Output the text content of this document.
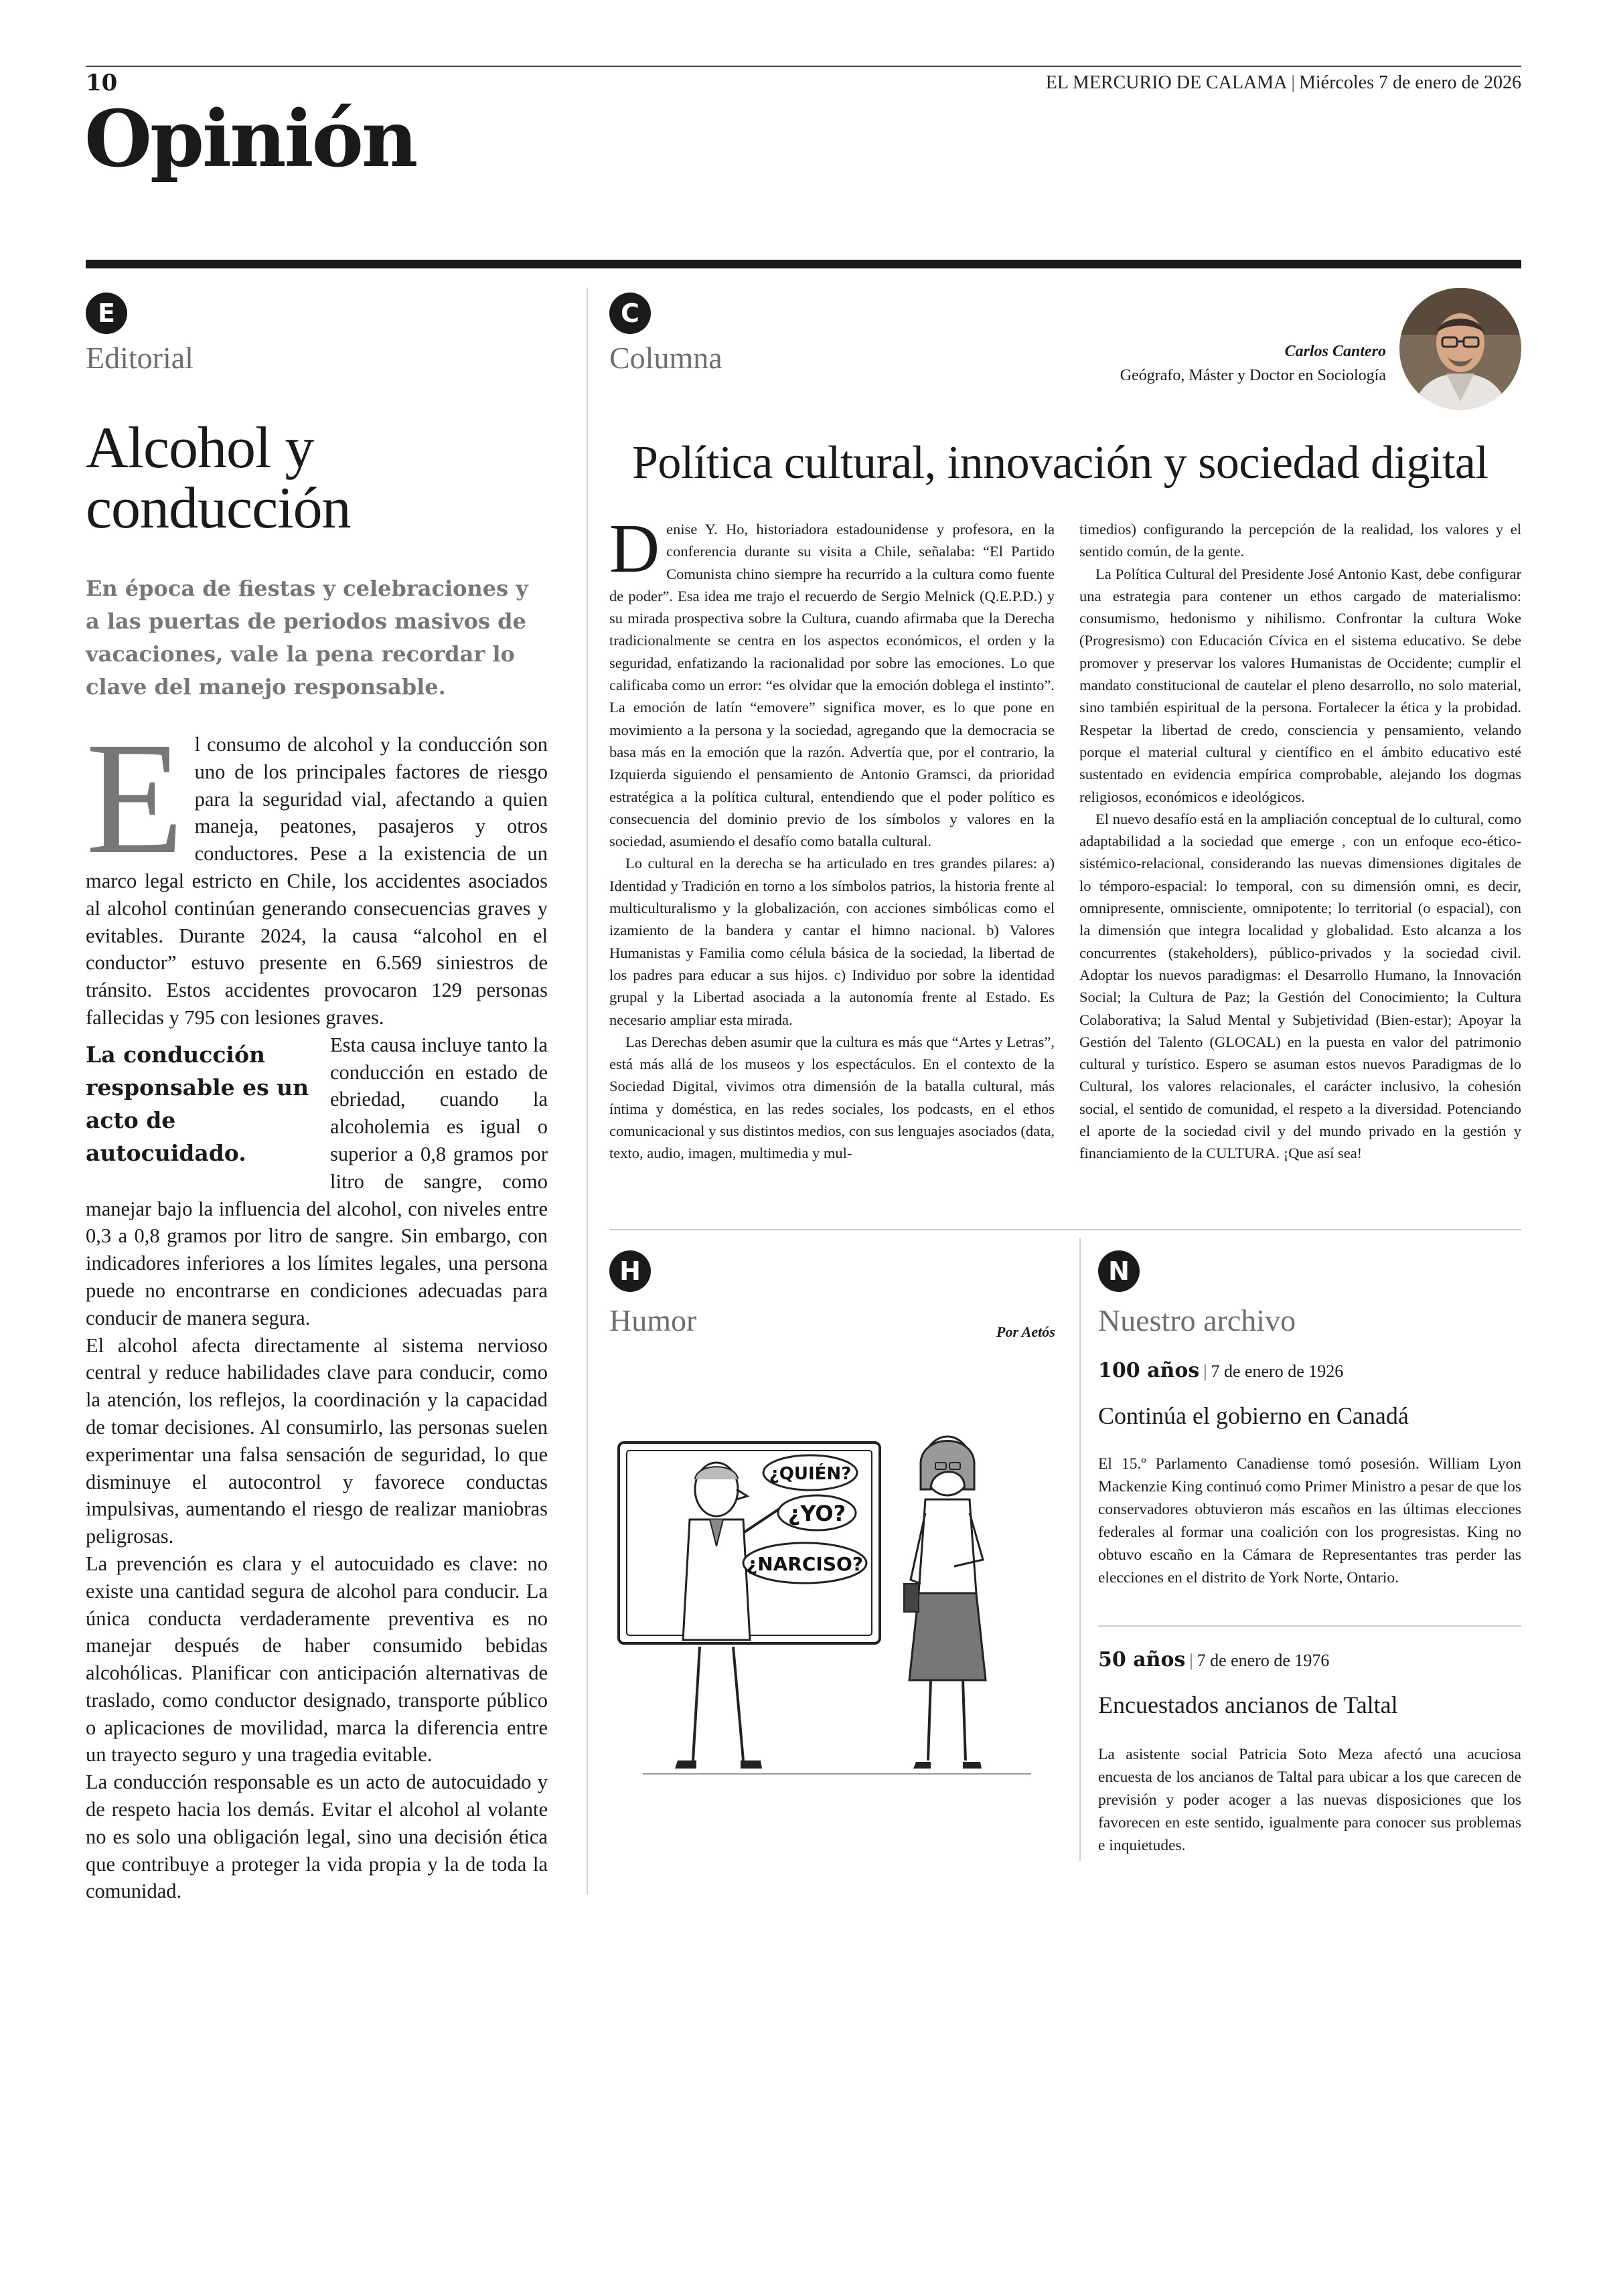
10	EL MERCURIO DE CALAMA | Miércoles 7 de enero de 2026
Opinión
E
Editorial
Alcohol y conducción
En época de fiestas y celebraciones y a las puertas de periodos masivos de vacaciones, vale la pena recordar lo clave del manejo responsable.
E l consumo de alcohol y la conducción son uno de los principales factores de riesgo para la seguridad vial, afectando a quien maneja, peatones, pasajeros y otros conductores. Pese a la existencia de un marco legal estricto en Chile, los accidentes asociados al alcohol continúan generando consecuencias graves y evitables. Durante 2024, la causa “alcohol en el conductor” estuvo presente en 6.569 siniestros de tránsito. Estos accidentes provocaron 129 personas fallecidas y 795 con lesiones graves.

La conducción responsable es un acto de autocuidado.
Esta causa incluye tanto la conducción en estado de ebriedad, cuando la alcoholemia es igual o superior a 0,8 gramos por litro de sangre, como manejar bajo la influencia del alcohol, con niveles entre 0,3 a 0,8 gramos por litro de sangre. Sin embargo, con indicadores inferiores a los límites legales, una persona puede no encontrarse en condiciones adecuadas para conducir de manera segura.

El alcohol afecta directamente al sistema nervioso central y reduce habilidades clave para conducir, como la atención, los reflejos, la coordinación y la capacidad de tomar decisiones. Al consumirlo, las personas suelen experimentar una falsa sensación de seguridad, lo que disminuye el autocontrol y favorece conductas impulsivas, aumentando el riesgo de realizar maniobras peligrosas.

La prevención es clara y el autocuidado es clave: no existe una cantidad segura de alcohol para conducir. La única conducta verdaderamente preventiva es no manejar después de haber consumido bebidas alcohólicas. Planificar con anticipación alternativas de traslado, como conductor designado, transporte público o aplicaciones de movilidad, marca la diferencia entre un trayecto seguro y una tragedia evitable.

La conducción responsable es un acto de autocuidado y de respeto hacia los demás. Evitar el alcohol al volante no es solo una obligación legal, sino una decisión ética que contribuye a proteger la vida propia y la de toda la comunidad.

C
Columna	Carlos Cantero
Geógrafo, Máster y Doctor en Sociología
Política cultural, innovación y sociedad digital

Denise Y. Ho, historiadora estadounidense y profesora, en la conferencia durante su visita a Chile, señalaba: “El Partido Comunista chino siempre ha recurrido a la cultura como fuente de poder”. Esa idea me trajo el recuerdo de Sergio Melnick (Q.E.P.D.) y su mirada prospectiva sobre la Cultura, cuando afirmaba que la Derecha tradicionalmente se centra en los aspectos económicos, el orden y la seguridad, enfatizando la racionalidad por sobre las emociones. Lo que calificaba como un error: “es olvidar que la emoción doblega el instinto”. La emoción de latín “emovere” significa mover, es lo que pone en movimiento a la persona y la sociedad, agregando que la democracia se basa más en la emoción que la razón. Advertía que, por el contrario, la Izquierda siguiendo el pensamiento de Antonio Gramsci, da prioridad estratégica a la política cultural, entendiendo que el poder político es consecuencia del dominio previo de los símbolos y valores en la sociedad, asumiendo el desafío como batalla cultural.

Lo cultural en la derecha se ha articulado en tres grandes pilares: a) Identidad y Tradición en torno a los símbolos patrios, la historia frente al multiculturalismo y la globalización, con acciones simbólicas como el izamiento de la bandera y cantar el himno nacional. b) Valores Humanistas y Familia como célula básica de la sociedad, la libertad de los padres para educar a sus hijos. c) Individuo por sobre la identidad grupal y la Libertad asociada a la autonomía frente al Estado. Es necesario ampliar esta mirada.

Las Derechas deben asumir que la cultura es más que “Artes y Letras”, está más allá de los museos y los espectáculos. En el contexto de la Sociedad Digital, vivimos otra dimensión de la batalla cultural, más íntima y doméstica, en las redes sociales, los podcasts, en el ethos comunicacional y sus distintos medios, con sus lenguajes asociados (data, texto, audio, imagen, multimedia y mul-

timedios) configurando la percepción de la realidad, los valores y el sentido común, de la gente.

La Política Cultural del Presidente José Antonio Kast, debe configurar una estrategia para contener un ethos cargado de materialismo: consumismo, hedonismo y nihilismo. Confrontar la cultura Woke (Progresismo) con Educación Cívica en el sistema educativo. Se debe promover y preservar los valores Humanistas de Occidente; cumplir el mandato constitucional de cautelar el pleno desarrollo, no solo material, sino también espiritual de la persona. Fortalecer la ética y la probidad. Respetar la libertad de credo, consciencia y pensamiento, velando porque el material cultural y científico en el ámbito educativo esté sustentado en evidencia empírica comprobable, alejando los dogmas religiosos, económicos e ideológicos.

El nuevo desafío está en la ampliación conceptual de lo cultural, como adaptabilidad a la sociedad que emerge , con un enfoque eco-ético-sistémico-relacional, considerando las nuevas dimensiones digitales de lo témporo-espacial: lo temporal, con su dimensión omni, es decir, omnipresente, omnisciente, omnipotente; lo territorial (o espacial), con la dimensión que integra localidad y globalidad. Esto alcanza a los concurrentes (stakeholders), público-privados y la sociedad civil. Adoptar los nuevos paradigmas: el Desarrollo Humano, la Innovación Social; la Cultura de Paz; la Gestión del Conocimiento; la Cultura Colaborativa; la Salud Mental y Subjetividad (Bien-estar); Apoyar la Gestión del Talento (GLOCAL) en la puesta en valor del patrimonio cultural y turístico. Espero se asuman estos nuevos Paradigmas de lo Cultural, los valores relacionales, el carácter inclusivo, la cohesión social, el sentido de comunidad, el respeto a la diversidad. Potenciando el aporte de la sociedad civil y del mundo privado en la gestión y financiamiento de la CULTURA. ¡Que así sea!

H
Humor	Por Aetós
¿QUIÉN?
¿YO?
¿NARCISO?
N
Nuestro archivo
100 años | 7 de enero de 1926
Continúa el gobierno en Canadá
El 15.º Parlamento Canadiense tomó posesión. William Lyon Mackenzie King continuó como Primer Ministro a pesar de que los conservadores obtuvieron más escaños en las últimas elecciones federales al formar una coalición con los progresistas. King no obtuvo escaño en la Cámara de Representantes tras perder las elecciones en el distrito de York Norte, Ontario.
50 años | 7 de enero de 1976
Encuestados ancianos de Taltal
La asistente social Patricia Soto Meza afectó una acuciosa encuesta de los ancianos de Taltal para ubicar a los que carecen de previsión y poder acoger a las nuevas disposiciones que los favorecen en este sentido, igualmente para conocer sus problemas e inquietudes.
